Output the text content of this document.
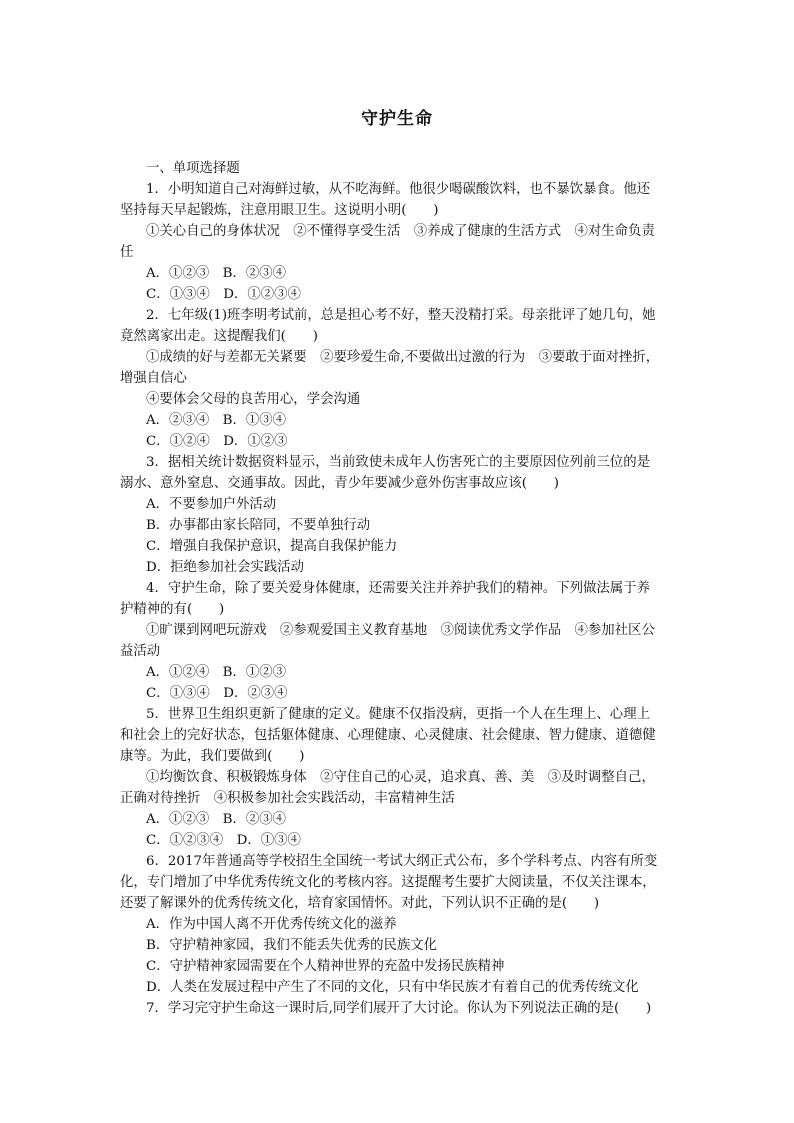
守护生命
一、单项选择题
1．小明知道自己对海鲜过敏，从不吃海鲜。他很少喝碳酸饮料，也不暴饮暴食。他还
坚持每天早起锻炼，注意用眼卫生。这说明小明(　　)
①关心自己的身体状况　②不懂得享受生活　③养成了健康的生活方式　④对生命负责
任
A．①②③　B．②③④
C．①③④　D．①②③④
2．七年级(1)班李明考试前，总是担心考不好，整天没精打采。母亲批评了她几句，她
竟然离家出走。这提醒我们(　　)
①成绩的好与差都无关紧要　②要珍爱生命,不要做出过激的行为　③要敢于面对挫折，
增强自信心
④要体会父母的良苦用心，学会沟通
A．②③④　B．①③④
C．①②④　D．①②③
3．据相关统计数据资料显示，当前致使未成年人伤害死亡的主要原因位列前三位的是
溺水、意外窒息、交通事故。因此，青少年要减少意外伤害事故应该(　　)
A．不要参加户外活动
B．办事都由家长陪同，不要单独行动
C．增强自我保护意识，提高自我保护能力
D．拒绝参加社会实践活动
4．守护生命，除了要关爱身体健康，还需要关注并养护我们的精神。下列做法属于养
护精神的有(　　)
①旷课到网吧玩游戏　②参观爱国主义教育基地　③阅读优秀文学作品　④参加社区公
益活动
A．①②④　B．①②③
C．①③④　D．②③④
5．世界卫生组织更新了健康的定义。健康不仅指没病，更指一个人在生理上、心理上
和社会上的完好状态，包括躯体健康、心理健康、心灵健康、社会健康、智力健康、道德健
康等。为此，我们要做到(　　)
①均衡饮食、积极锻炼身体　②守住自己的心灵，追求真、善、美　③及时调整自己，
正确对待挫折　④积极参加社会实践活动，丰富精神生活
A．①②③　B．②③④
C．①②③④　D．①③④
6．2017年普通高等学校招生全国统一考试大纲正式公布，多个学科考点、内容有所变
化，专门增加了中华优秀传统文化的考核内容。这提醒考生要扩大阅读量，不仅关注课本，
还要了解课外的优秀传统文化，培育家国情怀。对此，下列认识不正确的是(　　)
A．作为中国人离不开优秀传统文化的滋养
B．守护精神家园，我们不能丢失优秀的民族文化
C．守护精神家园需要在个人精神世界的充盈中发扬民族精神
D．人类在发展过程中产生了不同的文化，只有中华民族才有着自己的优秀传统文化
7．学习完守护生命这一课时后,同学们展开了大讨论。你认为下列说法正确的是(　　)
